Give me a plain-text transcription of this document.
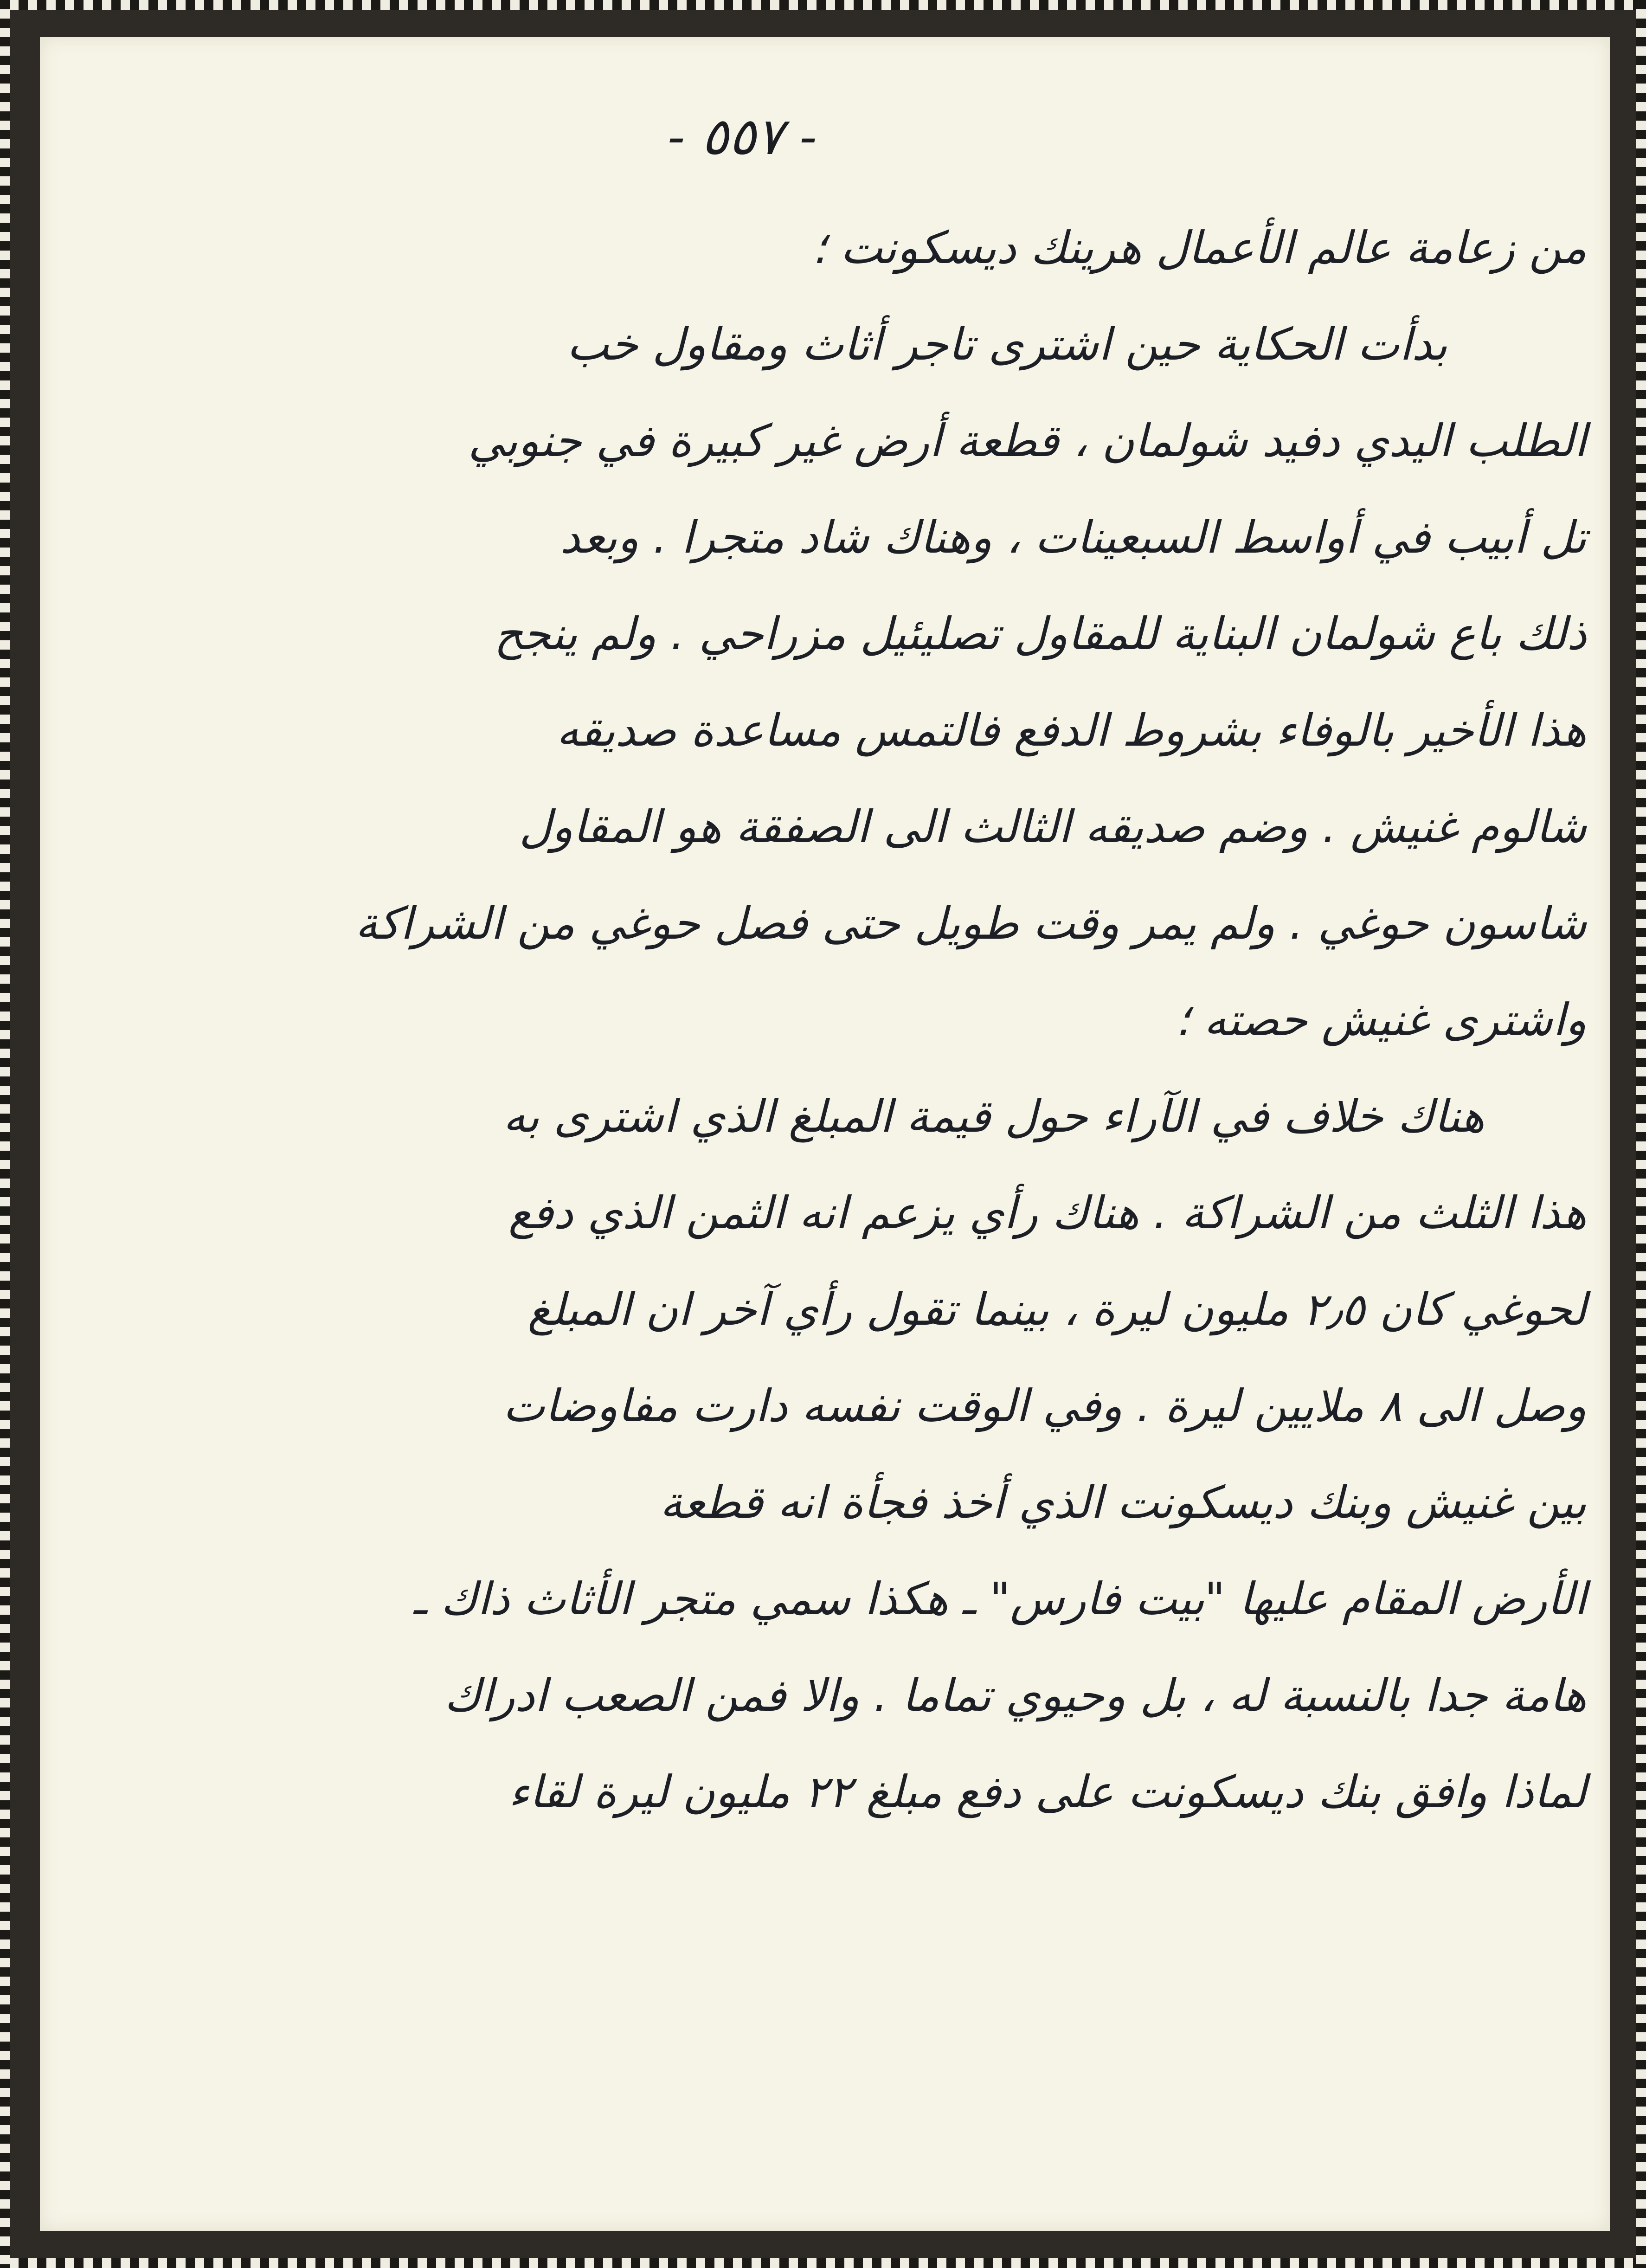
- ٥٥٧ -
من زعامة عالم الأعمال هرينك ديسكونت ؛
بدأت الحكاية حين اشترى تاجر أثاث ومقاول خب
الطلب اليدي دفيد شولمان ، قطعة أرض غير كبيرة في جنوبي
تل أبيب في أواسط السبعينات ، وهناك شاد متجرا . وبعد
ذلك باع شولمان البناية للمقاول تصليئيل مزراحي . ولم ينجح
هذا الأخير بالوفاء بشروط الدفع فالتمس مساعدة صديقه
شالوم غنيش . وضم صديقه الثالث الى الصفقة هو المقاول
شاسون حوغي . ولم يمر وقت طويل حتى فصل حوغي من الشراكة
واشترى غنيش حصته ؛
هناك خلاف في الآراء حول قيمة المبلغ الذي اشترى به
هذا الثلث من الشراكة . هناك رأي يزعم انه الثمن الذي دفع
لحوغي كان ٢٫٥ مليون ليرة ، بينما تقول رأي آخر ان المبلغ
وصل الى ٨ ملايين ليرة . وفي الوقت نفسه دارت مفاوضات
بين غنيش وبنك ديسكونت الذي أخذ فجأة انه قطعة
الأرض المقام عليها "بيت فارس" ـ هكذا سمي متجر الأثاث ذاك ـ
هامة جدا بالنسبة له ، بل وحيوي تماما . والا فمن الصعب ادراك
لماذا وافق بنك ديسكونت على دفع مبلغ ٢٢ مليون ليرة لقاء
